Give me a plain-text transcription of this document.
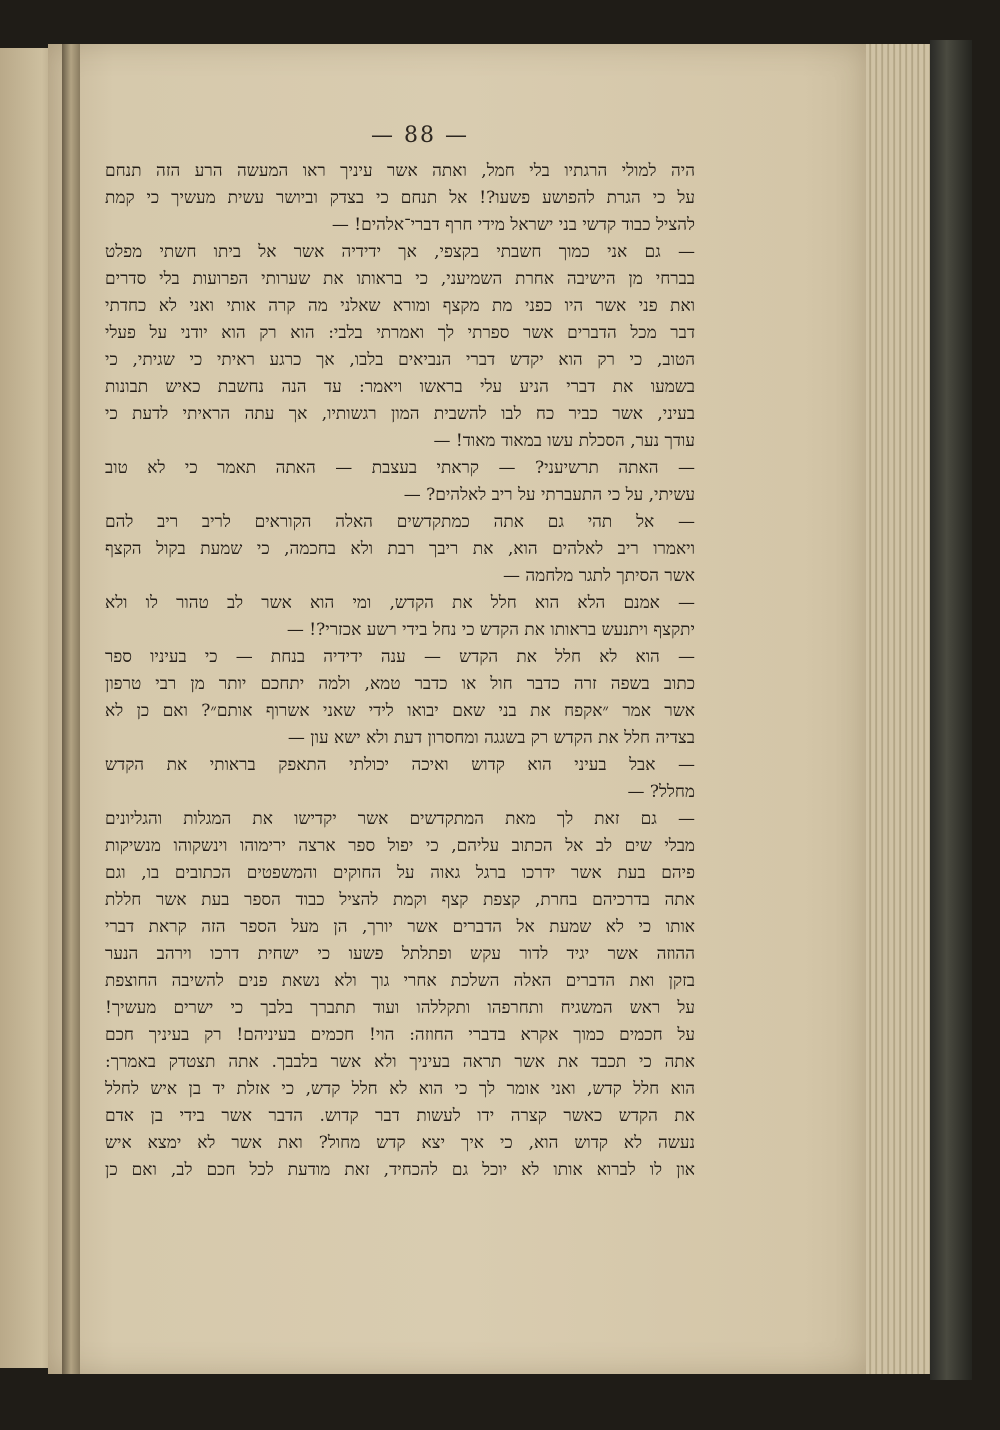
— 88 —

היה למולי הרגתיו בלי חמל, ואתה אשר עיניך ראו המעשה הרע הזה תנחם

על כי הגרת להפושע פשעו?! אל תנחם כי בצדק וביושר עשית מעשיך כי קמת

להציל כבוד קדשי בני ישראל מידי חרף דברי־אלהים! —

— גם אני כמוך חשבתי בקצפי, אך ידידיה אשר אל ביתו חשתי מפלט

בברחי מן הישיבה אחרת השמיעני, כי בראותו את שערותי הפרועות בלי סדרים

ואת פני אשר היו כפני מת מקצף ומורא שאלני מה קרה אותי ואני לא כחדתי

דבר מכל הדברים אשר ספרתי לך ואמרתי בלבי: הוא רק הוא יודני על פעלי

הטוב, כי רק הוא יקדש דברי הנביאים בלבו, אך כרגע ראיתי כי שגיתי, כי

בשמעו את דברי הניע עלי בראשו ויאמר: עד הנה נחשבת כאיש תבונות

בעיני, אשר כביר כח לבו להשבית המון רגשותיו, אך עתה הראיתי לדעת כי

עודך נער, הסכלת עשו במאוד מאוד! —

— האתה תרשיעני? — קראתי בעצבת — האתה תאמר כי לא טוב

עשיתי, על כי התעברתי על ריב לאלהים? —

— אל תהי גם אתה כמתקדשים האלה הקוראים לריב ריב להם

ויאמרו ריב לאלהים הוא, את ריבך רבת ולא בחכמה, כי שמעת בקול הקצף

אשר הסיתך לתגר מלחמה —

— אמנם הלא הוא חלל את הקדש, ומי הוא אשר לב טהור לו ולא

יתקצף ויתנעש בראותו את הקדש כי נחל בידי רשע אכזרי?! —

— הוא לא חלל את הקדש — ענה ידידיה בנחת — כי בעיניו ספר

כתוב בשפה זרה כדבר חול או כדבר טמא, ולמה יתחכם יותר מן רבי טרפון

אשר אמר ״אקפח את בני שאם יבואו לידי שאני אשרוף אותם״? ואם כן לא

בצדיה חלל את הקדש רק בשגגה ומחסרון דעת ולא ישא עון —

— אבל בעיני הוא קדוש ואיכה יכולתי התאפק בראותי את הקדש

מחלל? —

— גם זאת לך מאת המתקדשים אשר יקדישו את המגלות והגליונים

מבלי שים לב אל הכתוב עליהם, כי יפול ספר ארצה ירימוהו וינשקוהו מנשיקות

פיהם בעת אשר ידרכו ברגל גאוה על החוקים והמשפטים הכתובים בו, וגם

אתה בדרכיהם בחרת, קצפת קצף וקמת להציל כבוד הספר בעת אשר חללת

אותו כי לא שמעת אל הדברים אשר יורך, הן מעל הספר הזה קראת דברי

ההוזה אשר יגיד לדור עקש ופתלתל פשעו כי ישחית דרכו וירהב הנער

בזקן ואת הדברים האלה השלכת אחרי גוך ולא נשאת פנים להשיבה החוצפת

על ראש המשגיח ותחרפהו ותקללהו ועוד תתברך בלבך כי ישרים מעשיך!

על חכמים כמוך אקרא בדברי החוזה: הוי! חכמים בעיניהם! רק בעיניך חכם

אתה כי תכבד את אשר תראה בעיניך ולא אשר בלבבך. אתה תצטדק באמרך:

הוא חלל קדש, ואני אומר לך כי הוא לא חלל קדש, כי אזלת יד בן איש לחלל

את הקדש כאשר קצרה ידו לעשות דבר קדוש. הדבר אשר בידי בן אדם

נעשה לא קדוש הוא, כי איך יצא קדש מחול? ואת אשר לא ימצא איש

און לו לברוא אותו לא יוכל גם להכחיד, זאת מודעת לכל חכם לב, ואם כן
